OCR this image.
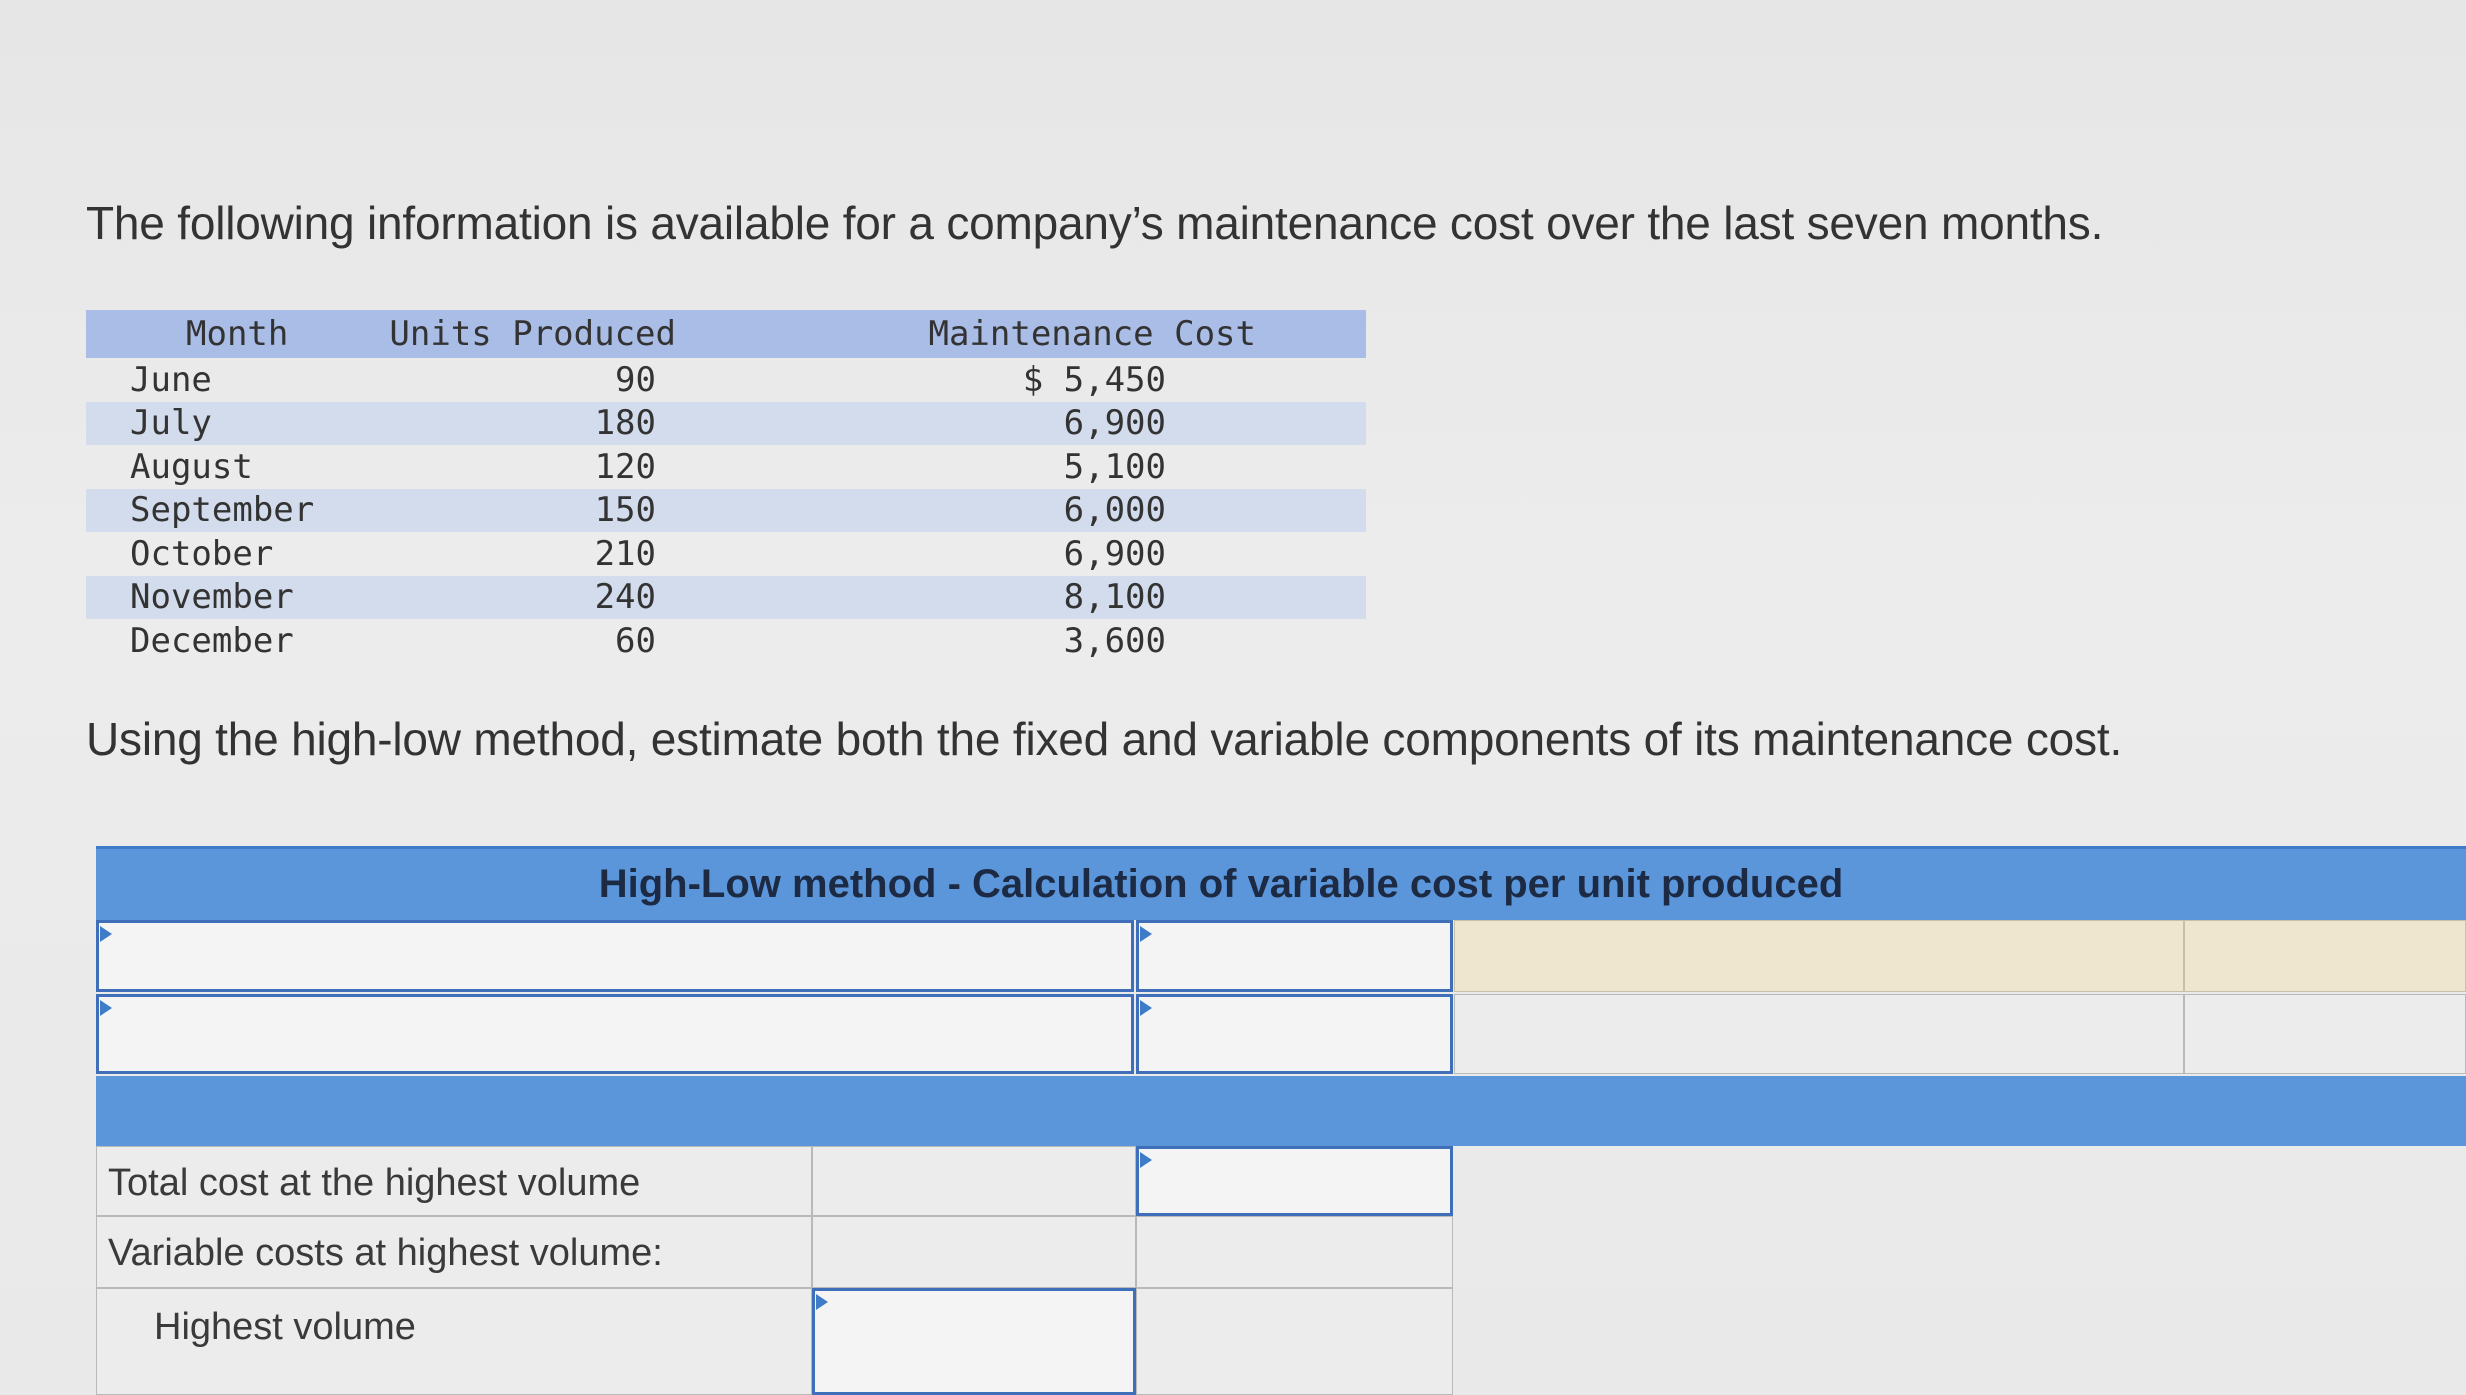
The following information is available for a company’s maintenance cost over the last seven months.
Month	Units Produced	Maintenance Cost
June	90	$ 5,450
July	180	6,900
August	120	5,100
September	150	6,000
October	210	6,900
November	240	8,100
December	60	3,600
Using the high-low method, estimate both the fixed and variable components of its maintenance cost.
High-Low method - Calculation of variable cost per unit produced
Total cost at the highest volume
Variable costs at highest volume:
Highest volume
